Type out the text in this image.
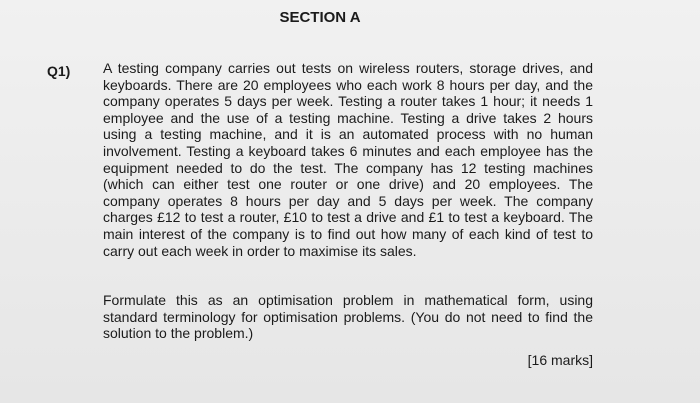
SECTION A
Q1) A testing company carries out tests on wireless routers, storage drives, and keyboards. There are 20 employees who each work 8 hours per day, and the company operates 5 days per week. Testing a router takes 1 hour; it needs 1 employee and the use of a testing machine. Testing a drive takes 2 hours using a testing machine, and it is an automated process with no human involvement. Testing a keyboard takes 6 minutes and each employee has the equipment needed to do the test. The company has 12 testing machines (which can either test one router or one drive) and 20 employees. The company operates 8 hours per day and 5 days per week. The company charges £12 to test a router, £10 to test a drive and £1 to test a keyboard. The main interest of the company is to find out how many of each kind of test to carry out each week in order to maximise its sales.

Formulate this as an optimisation problem in mathematical form, using standard terminology for optimisation problems. (You do not need to find the solution to the problem.)

[16 marks]
